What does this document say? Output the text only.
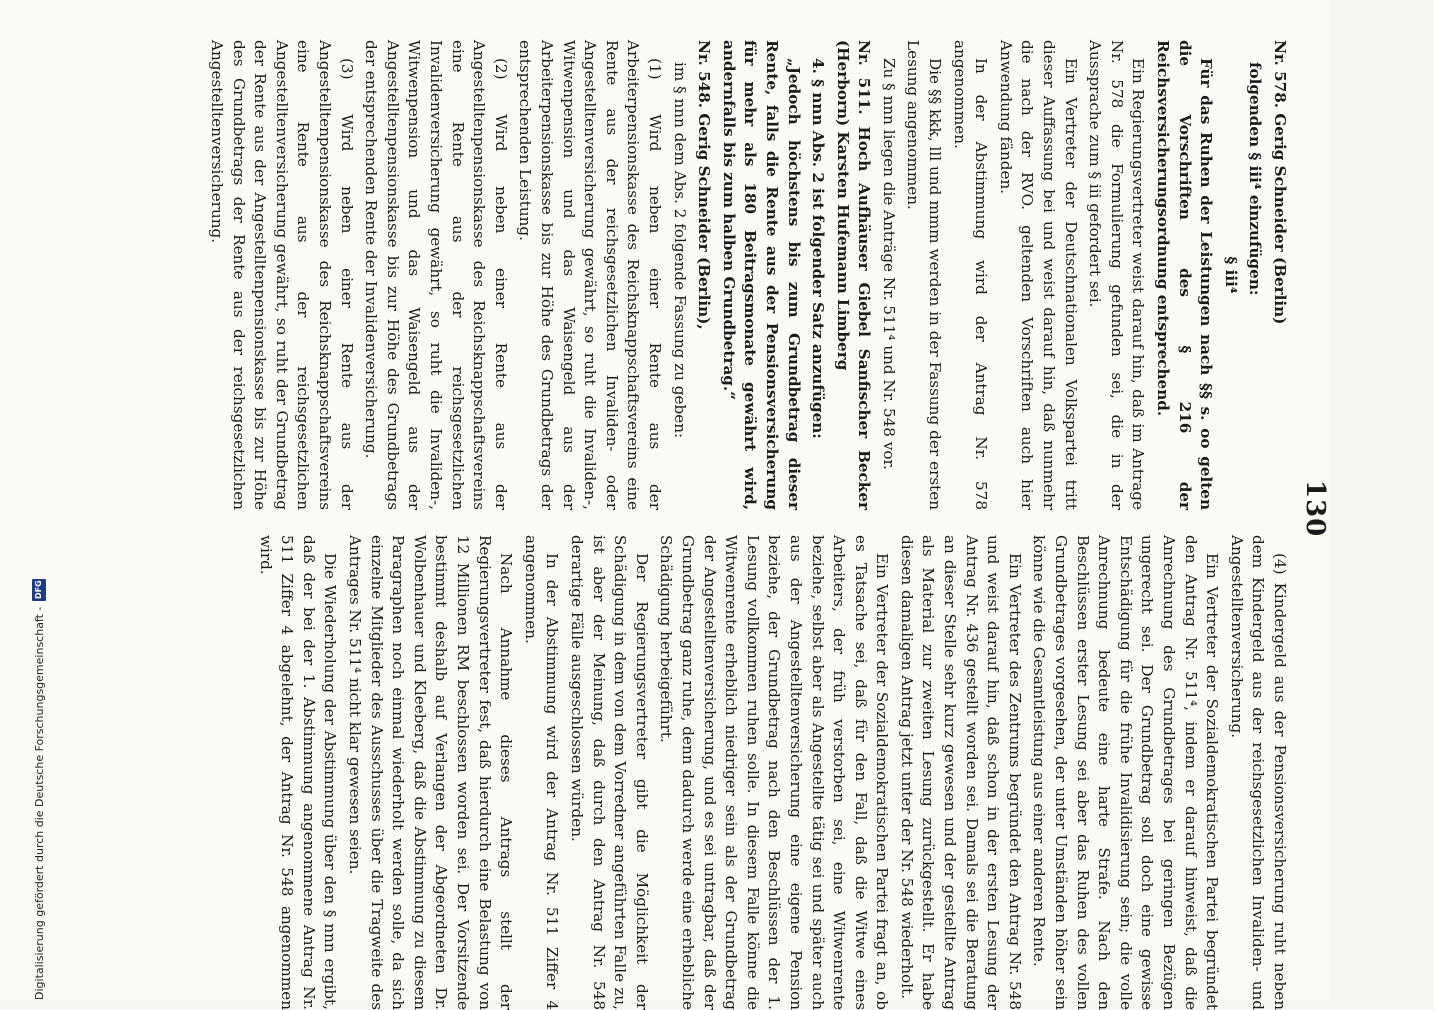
130

Nr. 578. Gerig Schneider (Berlin)

folgenden § iii⁴ einzufügen:

§ iii⁴

Für das Ruhen der Leistungen nach §§ s. oo gelten die Vorschriften des § 216 der Reichsversicherungsordnung entsprechend.

Ein Regierungsvertreter weist darauf hin, daß im Antrage Nr. 578 die Formulierung gefunden sei, die in der Aussprache zum § iii gefordert sei.

Ein Vertreter der Deutschnationalen Volkspartei tritt dieser Auffassung bei und weist darauf hin, daß nunmehr die nach der RVO. geltenden Vorschriften auch hier Anwendung fänden.

In der Abstimmung wird der Antrag Nr. 578 angenommen.

Die §§ kkk, lll und mmm werden in der Fassung der ersten Lesung angenommen.

Zu § nnn liegen die Anträge Nr. 511⁴ und Nr. 548 vor.

Nr. 511. Hoch Aufhäuser Giebel Sanfischer Becker (Herborn) Karsten Hufemann Limberg

4. § nnn Abs. 2 ist folgender Satz anzufügen:

„Jedoch höchstens bis zum Grundbetrag dieser Rente, falls die Rente aus der Pensionsversicherung für mehr als 180 Beitragsmonate gewährt wird, andernfalls bis zum halben Grundbetrag.“

Nr. 548. Gerig Schneider (Berlin),

im § nnn dem Abs. 2 folgende Fassung zu geben:

(1) Wird neben einer Rente aus der Arbeiterpensionskasse des Reichsknappschaftsvereins eine Rente aus der reichsgesetzlichen Invaliden- oder Angestelltenversicherung gewährt, so ruht die Invaliden-, Witwenpension und das Waisengeld aus der Arbeiterpensionskasse bis zur Höhe des Grundbetrags der entsprechenden Leistung.

(2) Wird neben einer Rente aus der Angestelltenpensionskasse des Reichsknappschaftsvereins eine Rente aus der reichsgesetzlichen Invalidenversicherung gewährt, so ruht die Invaliden-, Witwenpension und das Waisengeld aus der Angestelltenpensionskasse bis zur Höhe des Grundbetrags der entsprechenden Rente der Invalidenversicherung.

(3) Wird neben einer Rente aus der Angestelltenpensionskasse des Reichsknappschaftsvereins eine Rente aus der reichsgesetzlichen Angestelltenversicherung gewährt, so ruht der Grundbetrag der Rente aus der Angestelltenpensionskasse bis zur Höhe des Grundbetrags der Rente aus der reichsgesetzlichen Angestelltenversicherung.

(4) Kindergeld aus der Pensionsversicherung ruht neben dem Kindergeld aus der reichsgesetzlichen Invaliden- und Angestelltenversicherung.

Ein Vertreter der Sozialdemokratischen Partei begründet den Antrag Nr. 511⁴, indem er darauf hinweist, daß die Anrechnung des Grundbetrages bei geringen Bezügen ungerecht sei. Der Grundbetrag soll doch eine gewisse Entschädigung für die frühe Invalidisierung sein; die volle Anrechnung bedeute eine harte Strafe. Nach den Beschlüssen erster Lesung sei aber das Ruhen des vollen Grundbetrages vorgesehen, der unter Umständen höher sein könne wie die Gesamtleistung aus einer anderen Rente.

Ein Vertreter des Zentrums begründet den Antrag Nr. 548 und weist darauf hin, daß schon in der ersten Lesung der Antrag Nr. 436 gestellt worden sei. Damals sei die Beratung an dieser Stelle sehr kurz gewesen und der gestellte Antrag als Material zur zweiten Lesung zurückgestellt. Er habe diesen damaligen Antrag jetzt unter der Nr. 548 wiederholt.

Ein Vertreter der Sozialdemokratischen Partei fragt an, ob es Tatsache sei, daß für den Fall, daß die Witwe eines Arbeiters, der früh verstorben sei, eine Witwenrente beziehe, selbst aber als Angestellte tätig sei und später auch aus der Angestelltenversicherung eine eigene Pension beziehe, der Grundbetrag nach den Beschlüssen der 1. Lesung vollkommen ruhen solle. In diesem Falle könne die Witwenrente erheblich niedriger sein als der Grundbetrag der Angestelltenversicherung, und es sei untragbar, daß der Grundbetrag ganz ruhe, denn dadurch werde eine erhebliche Schädigung herbeigeführt.

Der Regierungsvertreter gibt die Möglichkeit der Schädigung in dem von dem Vorredner angeführten Falle zu, ist aber der Meinung, daß durch den Antrag Nr. 548 derartige Fälle ausgeschlossen würden.

In der Abstimmung wird der Antrag Nr. 511 Ziffer 4 angenommen.

Nach Annahme dieses Antrags stellt der Regierungsvertreter fest, daß hierdurch eine Belastung von 12 Millionen RM beschlossen worden sei. Der Vorsitzende bestimmt deshalb auf Verlangen der Abgeordneten Dr. Wolbenhauer und Kleeberg, daß die Abstimmung zu diesem Paragraphen noch einmal wiederholt werden solle, da sich einzelne Mitglieder des Ausschusses über die Tragweite des Antrages Nr. 511⁴ nicht klar gewesen seien.

Die Wiederholung der Abstimmung über den § nnn ergibt, daß der bei der 1. Abstimmung angenommene Antrag Nr. 511 Ziffer 4 abgelehnt, der Antrag Nr. 548 angenommen wird.

Digitalisierung gefördert durch die Deutsche Forschungsgemeinschaft -
DFG
